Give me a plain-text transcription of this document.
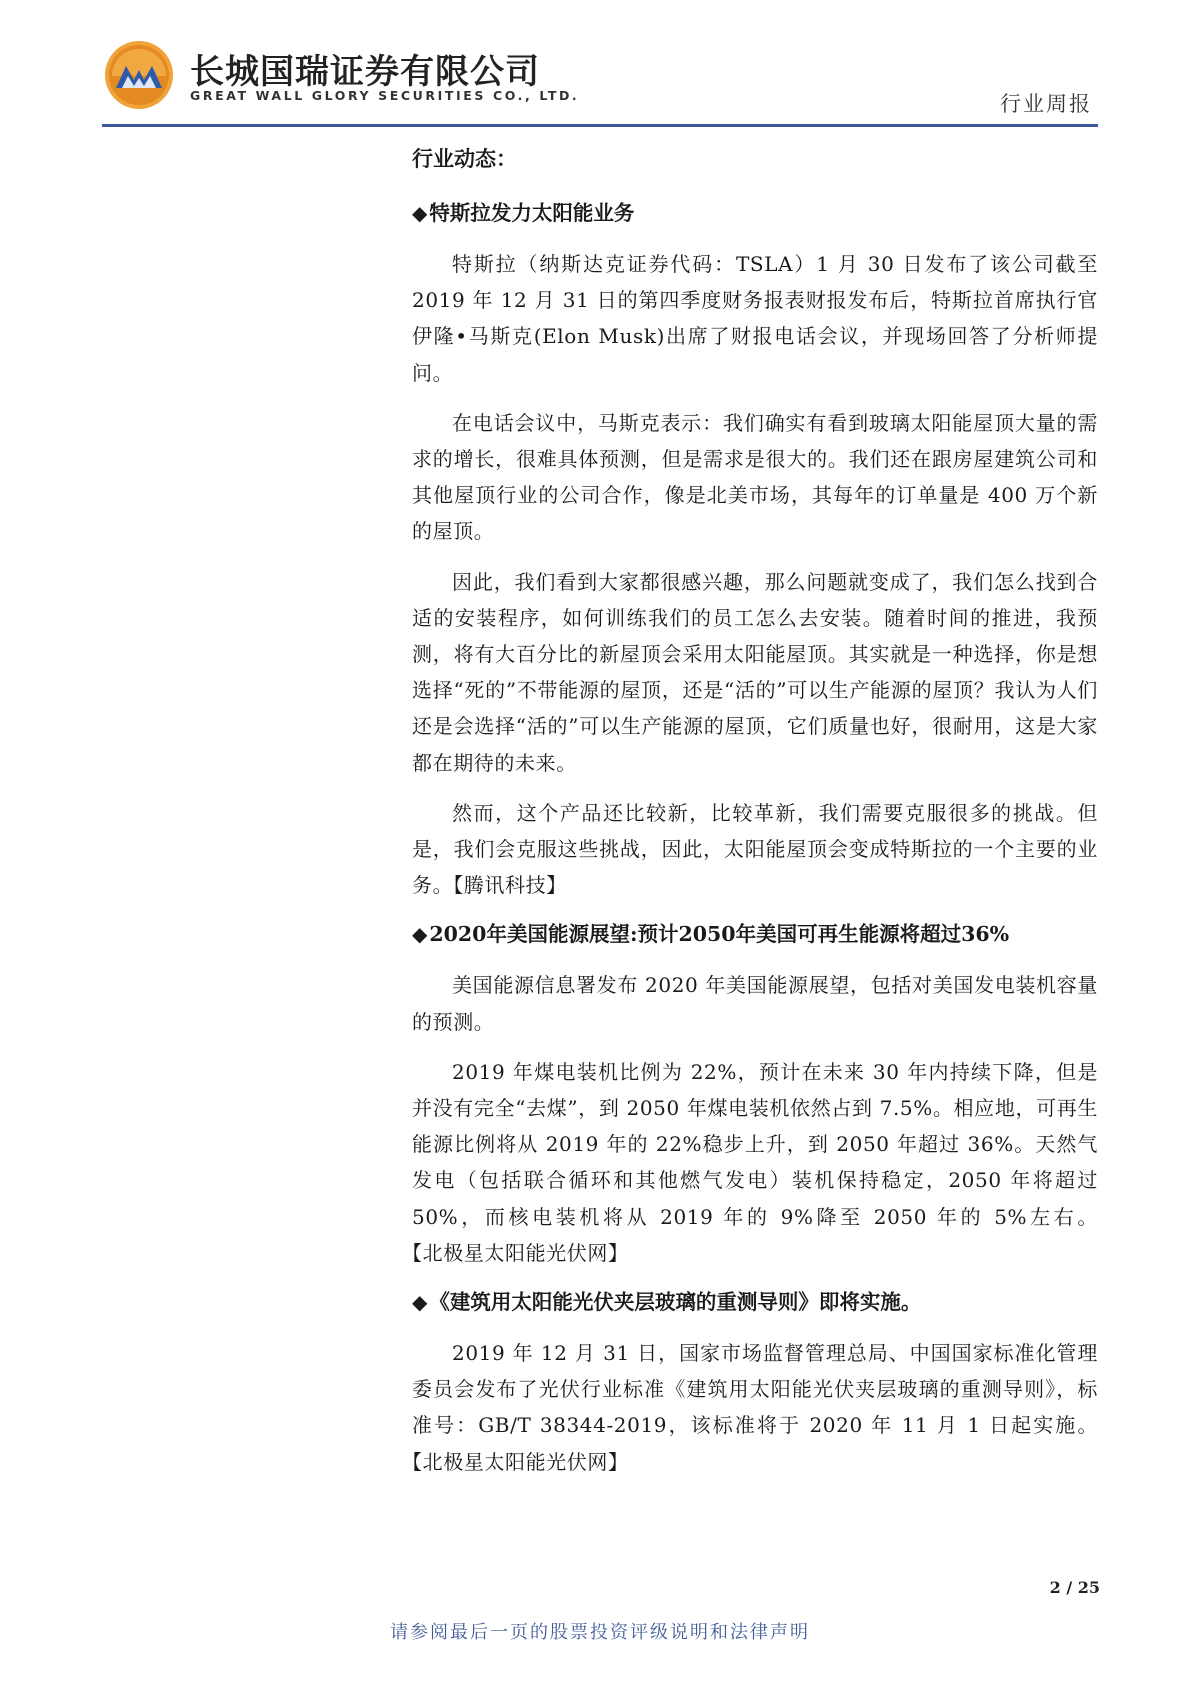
长城国瑞证券有限公司
GREAT WALL GLORY SECURITIES CO., LTD.	行业周报
行业动态：
◆特斯拉发力太阳能业务

特斯拉（纳斯达克证券代码：TSLA）1 月 30 日发布了该公司截至 2019 年 12 月 31 日的第四季度财务报表财报发布后，特斯拉首席执行官伊隆•马斯克(Elon Musk)出席了财报电话会议，并现场回答了分析师提问。

在电话会议中，马斯克表示：我们确实有看到玻璃太阳能屋顶大量的需求的增长，很难具体预测，但是需求是很大的。我们还在跟房屋建筑公司和其他屋顶行业的公司合作，像是北美市场，其每年的订单量是 400 万个新的屋顶。

因此，我们看到大家都很感兴趣，那么问题就变成了，我们怎么找到合适的安装程序，如何训练我们的员工怎么去安装。随着时间的推进，我预测，将有大百分比的新屋顶会采用太阳能屋顶。其实就是一种选择，你是想选择“死的”不带能源的屋顶，还是“活的”可以生产能源的屋顶？我认为人们还是会选择“活的”可以生产能源的屋顶，它们质量也好，很耐用，这是大家都在期待的未来。

然而，这个产品还比较新，比较革新，我们需要克服很多的挑战。但是，我们会克服这些挑战，因此，太阳能屋顶会变成特斯拉的一个主要的业务。【腾讯科技】

◆2020年美国能源展望:预计2050年美国可再生能源将超过36%

美国能源信息署发布 2020 年美国能源展望，包括对美国发电装机容量的预测。

2019 年煤电装机比例为 22%，预计在未来 30 年内持续下降，但是并没有完全“去煤”，到 2050 年煤电装机依然占到 7.5%。相应地，可再生能源比例将从 2019 年的 22%稳步上升，到 2050 年超过 36%。天然气发电（包括联合循环和其他燃气发电）装机保持稳定，2050 年将超过 50%，而核电装机将从 2019 年的 9%降至 2050 年的 5%左右。【北极星太阳能光伏网】

◆《建筑用太阳能光伏夹层玻璃的重测导则》即将实施。

2019 年 12 月 31 日，国家市场监督管理总局、中国国家标准化管理委员会发布了光伏行业标准《建筑用太阳能光伏夹层玻璃的重测导则》，标准号：GB/T 38344-2019，该标准将于 2020 年 11 月 1 日起实施。【北极星太阳能光伏网】

2 / 25
请参阅最后一页的股票投资评级说明和法律声明
